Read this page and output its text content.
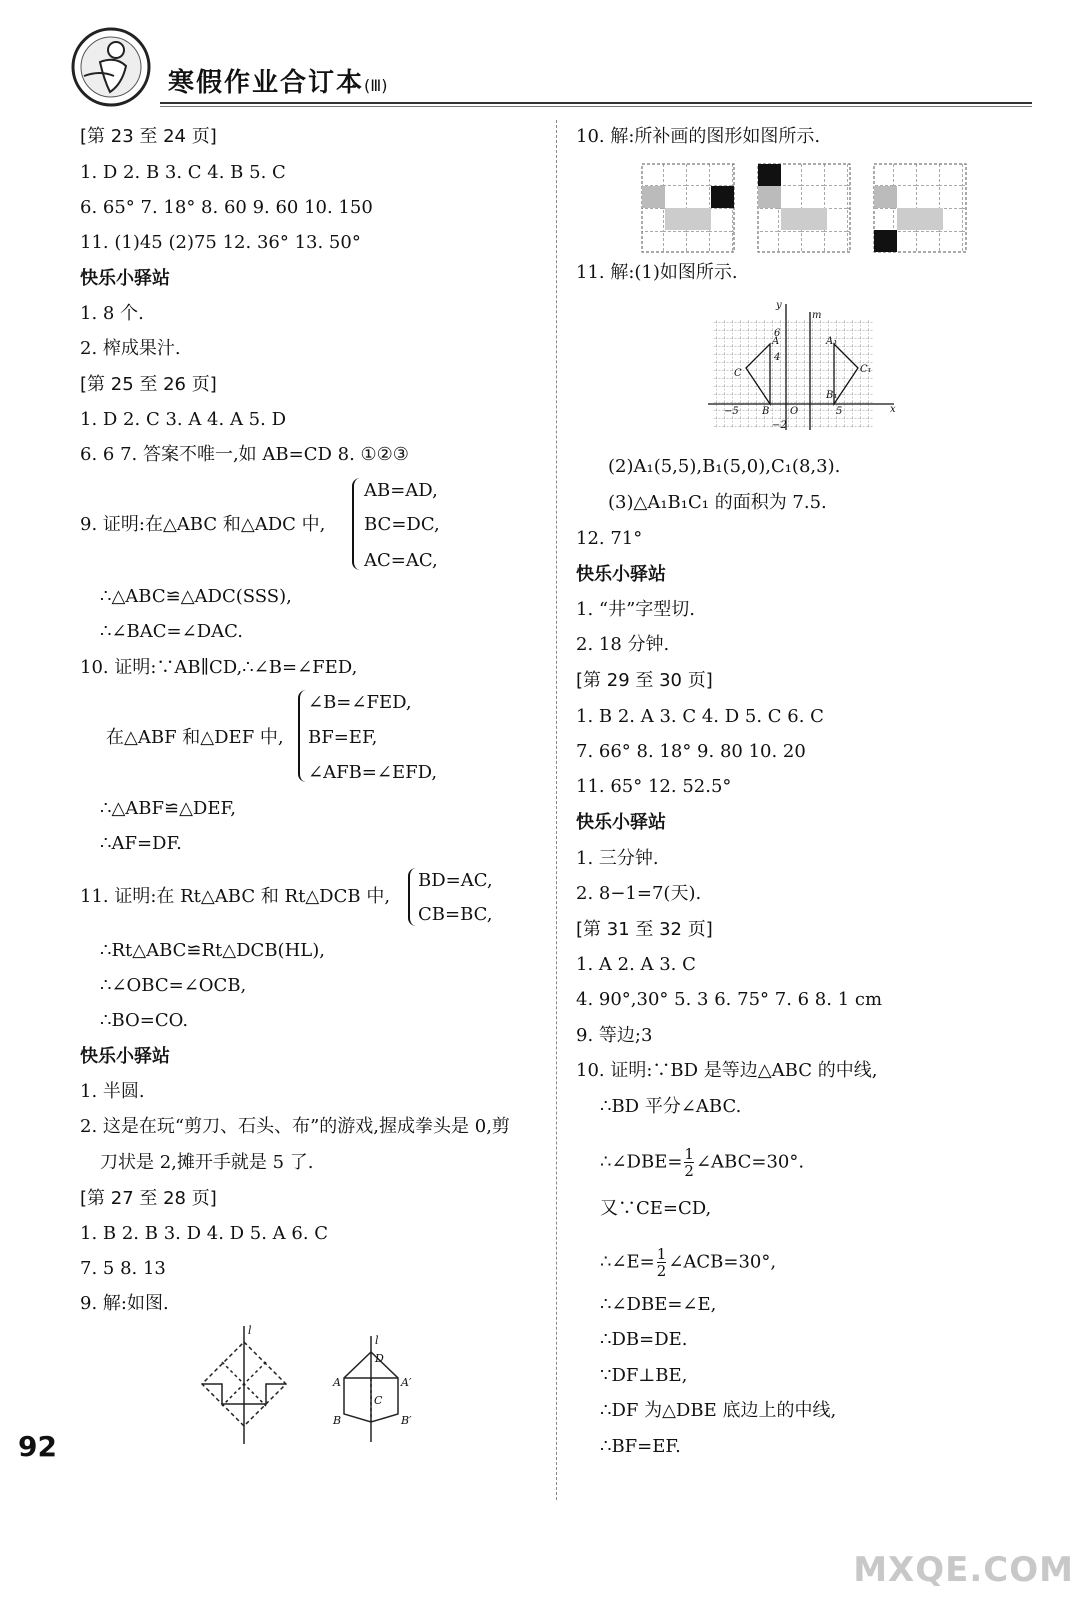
寒假作业合订本(Ⅲ)
[第 23 至 24 页]
1. D 2. B 3. C 4. B 5. C
6. 65° 7. 18° 8. 60 9. 60 10. 150
11. (1)45 (2)75 12. 36° 13. 50°
快乐小驿站
1. 8 个.
2. 榨成果汁.
[第 25 至 26 页]
1. D 2. C 3. A 4. A 5. D
6. 6 7. 答案不唯一,如 AB=CD 8. ①②③
AB=AD,
9. 证明:在△ABC 和△ADC 中, BC=DC,
AC=AC,
∴△ABC≌△ADC(SSS),
∴∠BAC=∠DAC.
10. 证明:∵AB∥CD,∴∠B=∠FED,
∠B=∠FED,
在△ABF 和△DEF 中, BF=EF,
∠AFB=∠EFD,
∴△ABF≌△DEF,
∴AF=DF.
BD=AC,
11. 证明:在 Rt△ABC 和 Rt△DCB 中,
CB=BC,
∴Rt△ABC≌Rt△DCB(HL),
∴∠OBC=∠OCB,
∴BO=CO.
快乐小驿站
1. 半圆.
2. 这是在玩“剪刀、石头、布”的游戏,握成拳头是 0,剪
刀状是 2,摊开手就是 5 了.
[第 27 至 28 页]
1. B 2. B 3. D 4. D 5. A 6. C
7. 5 8. 13
9. 解:如图.
l
l
D
A	A′
C
B	B′
10. 解:所补画的图形如图所示.
11. 解:(1)如图所示.
(2)A₁(5,5),B₁(5,0),C₁(8,3).
(3)△A₁B₁C₁ 的面积为 7.5.
12. 71°
快乐小驿站
1. “井”字型切.
2. 18 分钟.
[第 29 至 30 页]
1. B 2. A 3. C 4. D 5. C 6. C
7. 66° 8. 18° 9. 80 10. 20
11. 65° 12. 52.5°
快乐小驿站
1. 三分钟.
2. 8−1=7(天).
[第 31 至 32 页]
1. A 2. A 3. C
4. 90°,30° 5. 3 6. 75° 7. 6 8. 1 cm
9. 等边;3
10. 证明:∵BD 是等边△ABC 的中线,
∴BD 平分∠ABC.
∴∠DBE= $\frac{1}{2}$ ∠ABC=30°.
又∵CE=CD,
∴∠E= $\frac{1}{2}$ ∠ACB=30°,
∴∠DBE=∠E,
∴DB=DE.
∵DF⊥BE,
∴DF 为△DBE 底边上的中线,
∴BF=EF.
y
m
x
6
4
A
C
A₁
C₁
B₁
B O
−5	5
−2
92
MXQE.COM
